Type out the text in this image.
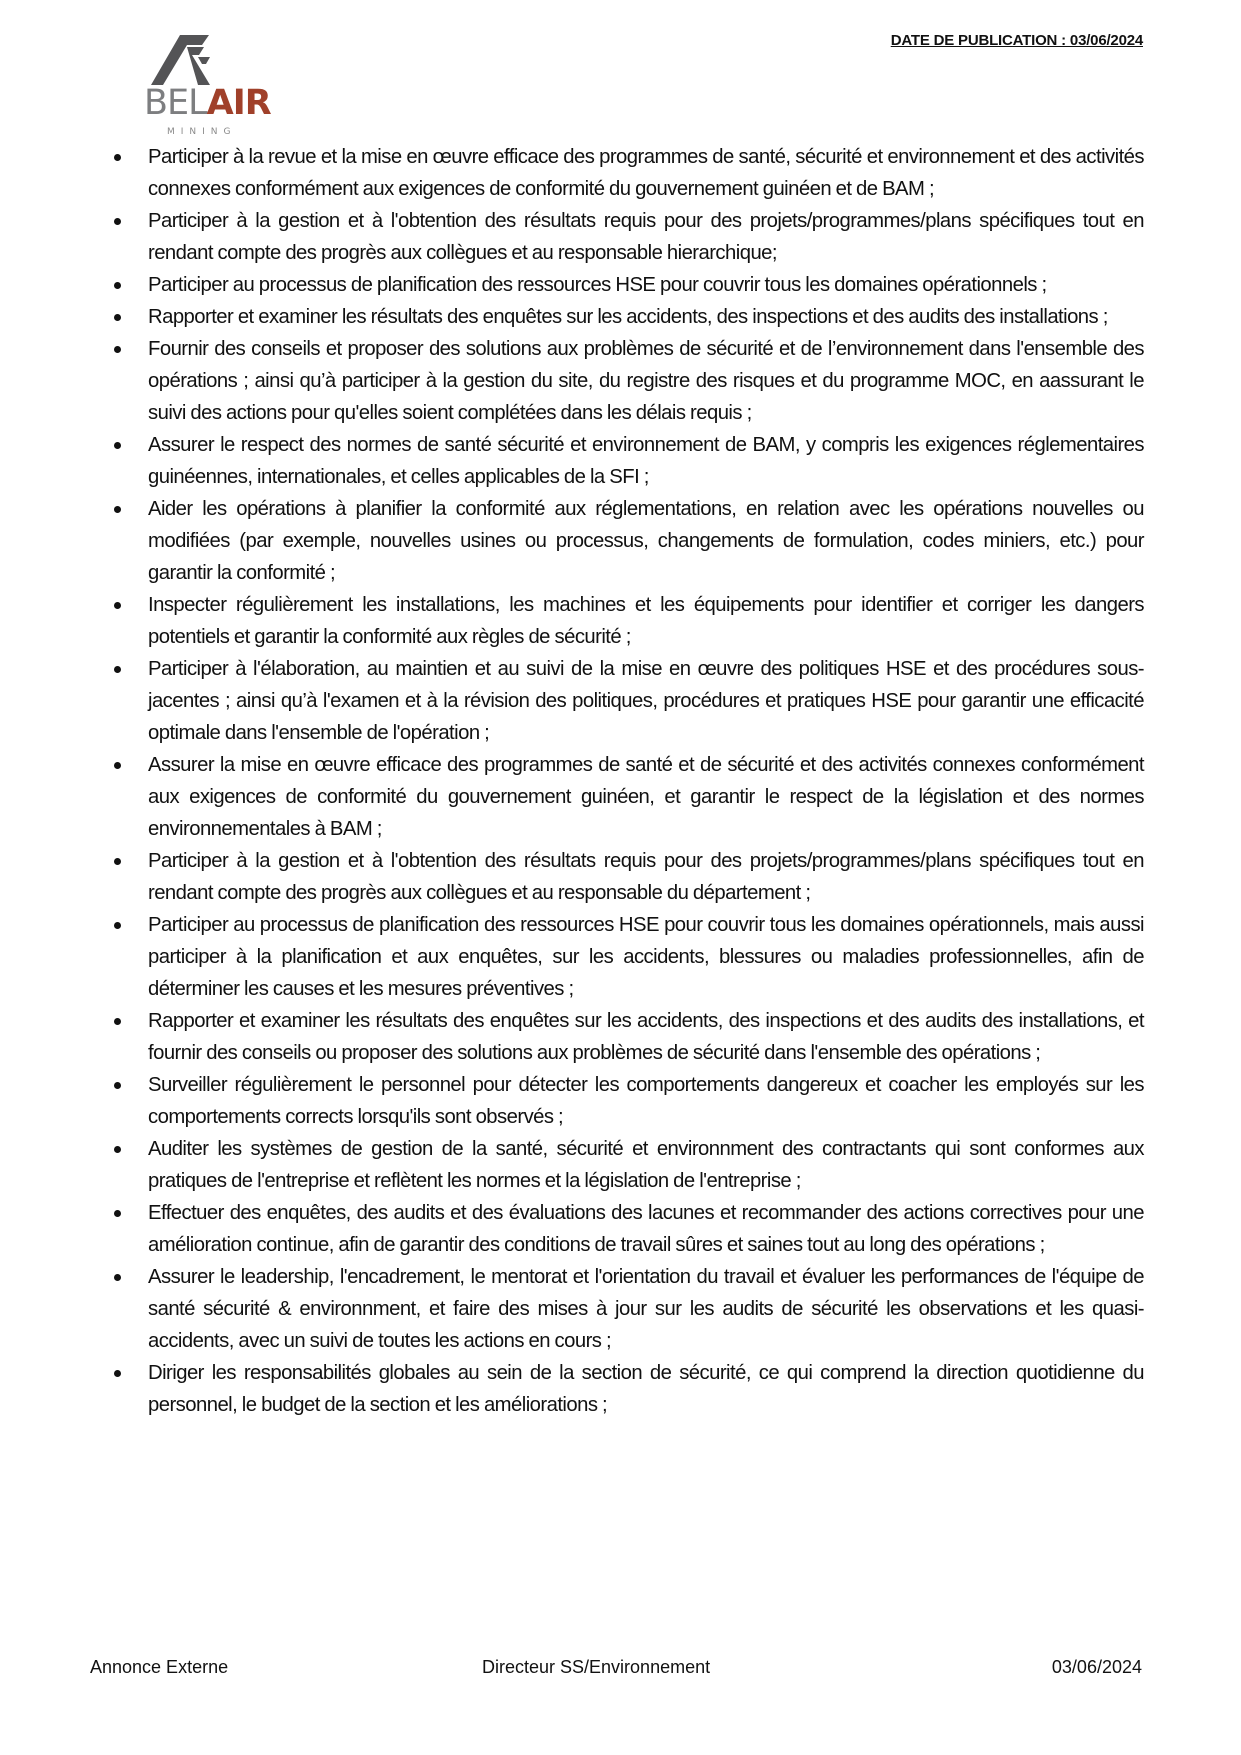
BELAIR
MINING
DATE DE PUBLICATION : 03/06/2024
Participer à la revue et la mise en œuvre efficace des programmes de santé, sécurité et environnement et des activités connexes conformément aux exigences de conformité du gouvernement guinéen et de BAM ;
Participer à la gestion et à l'obtention des résultats requis pour des projets/programmes/plans spécifiques tout en rendant compte des progrès aux collègues et au responsable hierarchique;
Participer au processus de planification des ressources HSE pour couvrir tous les domaines opérationnels ;
Rapporter et examiner les résultats des enquêtes sur les accidents, des inspections et des audits des installations ;
Fournir des conseils et proposer des solutions aux problèmes de sécurité et de l’environnement dans l'ensemble des opérations ; ainsi qu’à participer à la gestion du site, du registre des risques et du programme MOC, en aassurant le suivi des actions pour qu'elles soient complétées dans les délais requis ;
Assurer le respect des normes de santé sécurité et environnement de BAM, y compris les exigences réglementaires guinéennes, internationales, et celles applicables de la SFI ;
Aider les opérations à planifier la conformité aux réglementations, en relation avec les opérations nouvelles ou modifiées (par exemple, nouvelles usines ou processus, changements de formulation, codes miniers, etc.) pour garantir la conformité ;
Inspecter régulièrement les installations, les machines et les équipements pour identifier et corriger les dangers potentiels et garantir la conformité aux règles de sécurité ;
Participer à l'élaboration, au maintien et au suivi de la mise en œuvre des politiques HSE et des procédures sous-jacentes ; ainsi qu’à l'examen et à la révision des politiques, procédures et pratiques HSE pour garantir une efficacité optimale dans l'ensemble de l'opération ;
Assurer la mise en œuvre efficace des programmes de santé et de sécurité et des activités connexes conformément aux exigences de conformité du gouvernement guinéen, et garantir le respect de la législation et des normes environnementales à BAM ;
Participer à la gestion et à l'obtention des résultats requis pour des projets/programmes/plans spécifiques tout en rendant compte des progrès aux collègues et au responsable du département ;
Participer au processus de planification des ressources HSE pour couvrir tous les domaines opérationnels, mais aussi participer à la planification et aux enquêtes, sur les accidents, blessures ou maladies professionnelles, afin de déterminer les causes et les mesures préventives ;
Rapporter et examiner les résultats des enquêtes sur les accidents, des inspections et des audits des installations, et fournir des conseils ou proposer des solutions aux problèmes de sécurité dans l'ensemble des opérations ;
Surveiller régulièrement le personnel pour détecter les comportements dangereux et coacher les employés sur les comportements corrects lorsqu'ils sont observés ;
Auditer les systèmes de gestion de la santé, sécurité et environnment des contractants qui sont conformes aux pratiques de l'entreprise et reflètent les normes et la législation de l'entreprise ;
Effectuer des enquêtes, des audits et des évaluations des lacunes et recommander des actions correctives pour une amélioration continue, afin de garantir des conditions de travail sûres et saines tout au long des opérations ;
Assurer le leadership, l'encadrement, le mentorat et l'orientation du travail et évaluer les performances de l'équipe de santé sécurité & environnment, et faire des mises à jour sur les audits de sécurité les observations et les quasi-accidents, avec un suivi de toutes les actions en cours ;
Diriger les responsabilités globales au sein de la section de sécurité, ce qui comprend la direction quotidienne du personnel, le budget de la section et les améliorations ;
Annonce Externe	Directeur SS/Environnement	03/06/2024
